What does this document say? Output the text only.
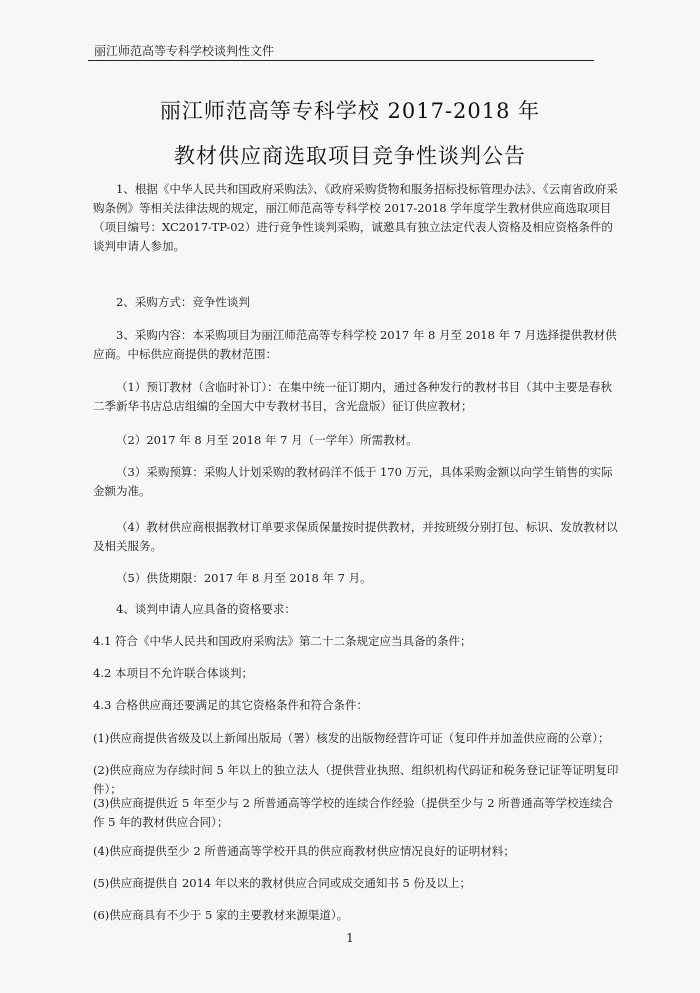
丽江师范高等专科学校谈判性文件
丽江师范高等专科学校 2017-2018 年
教材供应商选取项目竞争性谈判公告
1、根据《中华人民共和国政府采购法》、《政府采购货物和服务招标投标管理办法》、《云南省政府采购条例》等相关法律法规的规定，丽江师范高等专科学校 2017-2018 学年度学生教材供应商选取项目（项目编号：XC2017-TP-02）进行竞争性谈判采购，诚邀具有独立法定代表人资格及相应资格条件的谈判申请人参加。
2、采购方式：竞争性谈判
3、采购内容：本采购项目为丽江师范高等专科学校 2017 年 8 月至 2018 年 7 月选择提供教材供应商。中标供应商提供的教材范围：
（1）预订教材（含临时补订）：在集中统一征订期内，通过各种发行的教材书目（其中主要是春秋二季新华书店总店组编的全国大中专教材书目，含光盘版）征订供应教材；
（2）2017 年 8 月至 2018 年 7 月（一学年）所需教材。
（3）采购预算：采购人计划采购的教材码洋不低于 170 万元，具体采购金额以向学生销售的实际金额为准。
（4）教材供应商根据教材订单要求保质保量按时提供教材，并按班级分别打包、标识、发放教材以及相关服务。
（5）供货期限：2017 年 8 月至 2018 年 7 月。
4、谈判申请人应具备的资格要求：
4.1 符合《中华人民共和国政府采购法》第二十二条规定应当具备的条件；
4.2 本项目不允许联合体谈判；
4.3 合格供应商还要满足的其它资格条件和符合条件：
(1)供应商提供省级及以上新闻出版局（署）核发的出版物经营许可证（复印件并加盖供应商的公章）；
(2)供应商应为存续时间 5 年以上的独立法人（提供营业执照、组织机构代码证和税务登记证等证明复印件）；
(3)供应商提供近 5 年至少与 2 所普通高等学校的连续合作经验（提供至少与 2 所普通高等学校连续合作 5 年的教材供应合同）；
(4)供应商提供至少 2 所普通高等学校开具的供应商教材供应情况良好的证明材料；
(5)供应商提供自 2014 年以来的教材供应合同或成交通知书 5 份及以上；
(6)供应商具有不少于 5 家的主要教材来源渠道）。
1
